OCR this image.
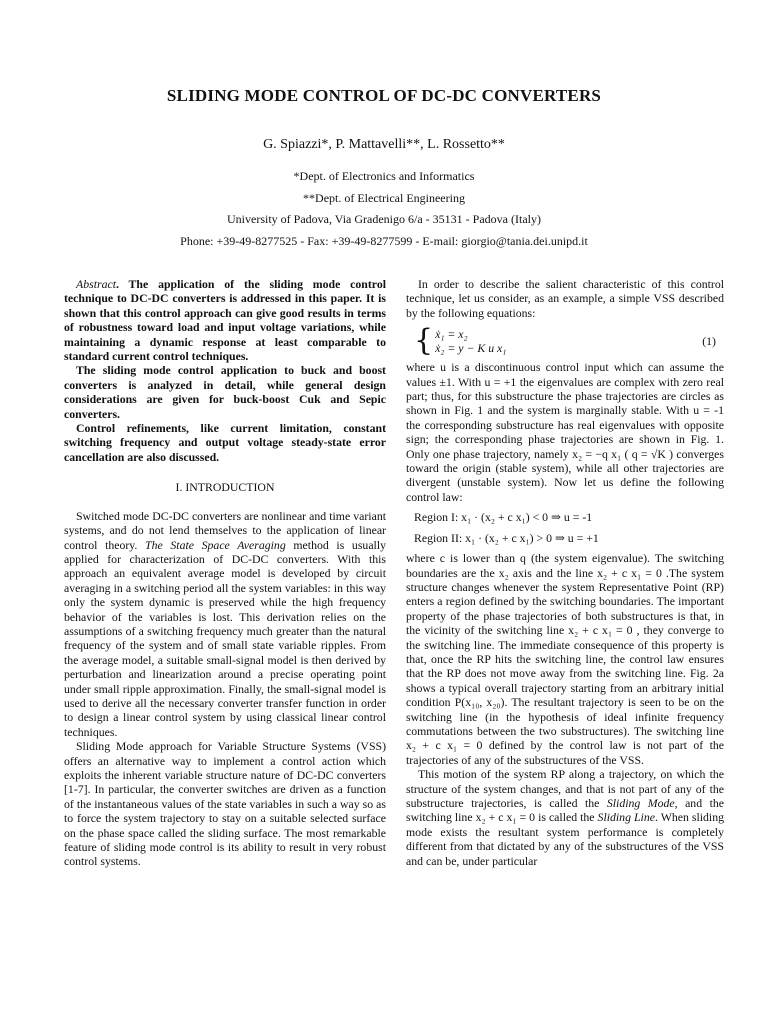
SLIDING MODE CONTROL OF DC-DC CONVERTERS
G. Spiazzi*, P. Mattavelli**, L. Rossetto**
*Dept. of Electronics and Informatics
**Dept. of Electrical Engineering
University of Padova, Via Gradenigo 6/a - 35131 - Padova (Italy)
Phone: +39-49-8277525 - Fax: +39-49-8277599 - E-mail: giorgio@tania.dei.unipd.it

Abstract. The application of the sliding mode control technique to DC-DC converters is addressed in this paper. It is shown that this control approach can give good results in terms of robustness toward load and input voltage variations, while maintaining a dynamic response at least comparable to standard current control techniques.

The sliding mode control application to buck and boost converters is analyzed in detail, while general design considerations are given for buck-boost Cuk and Sepic converters.

Control refinements, like current limitation, constant switching frequency and output voltage steady-state error cancellation are also discussed.

I. INTRODUCTION

Switched mode DC-DC converters are nonlinear and time variant systems, and do not lend themselves to the application of linear control theory. The State Space Averaging method is usually applied for characterization of DC-DC converters. With this approach an equivalent average model is developed by circuit averaging in a switching period all the system variables: in this way only the system dynamic is preserved while the high frequency behavior of the variables is lost. This derivation relies on the assumptions of a switching frequency much greater than the natural frequency of the system and of small state variable ripples. From the average model, a suitable small-signal model is then derived by perturbation and linearization around a precise operating point under small ripple approximation. Finally, the small-signal model is used to derive all the necessary converter transfer function in order to design a linear control system by using classical linear control techniques.

Sliding Mode approach for Variable Structure Systems (VSS) offers an alternative way to implement a control action which exploits the inherent variable structure nature of DC-DC converters [1-7]. In particular, the converter switches are driven as a function of the instantaneous values of the state variables in such a way so as to force the system trajectory to stay on a suitable selected surface on the phase space called the sliding surface. The most remarkable feature of sliding mode control is its ability to result in very robust control systems.

In order to describe the salient characteristic of this control technique, let us consider, as an example, a simple VSS described by the following equations:

{ ẋ₁ = x₂
ẋ₂ = y − K u x₁
(1)

where u is a discontinuous control input which can assume the values ±1. With u = +1 the eigenvalues are complex with zero real part; thus, for this substructure the phase trajectories are circles as shown in Fig. 1 and the system is marginally stable. With u = -1 the corresponding substructure has real eigenvalues with opposite sign; the corresponding phase trajectories are shown in Fig. 1. Only one phase trajectory, namely x₂ = −q x₁ ( q = √K ) converges toward the origin (stable system), while all other trajectories are divergent (unstable system). Now let us define the following control law:

Region I: x₁ · (x₂ + c x₁) < 0 ⇒ u = -1
Region II: x₁ · (x₂ + c x₁) > 0 ⇒ u = +1

where c is lower than q (the system eigenvalue). The switching boundaries are the x₂ axis and the line x₂ + c x₁ = 0 .The system structure changes whenever the system Representative Point (RP) enters a region defined by the switching boundaries. The important property of the phase trajectories of both substructures is that, in the vicinity of the switching line x₂ + c x₁ = 0 , they converge to the switching line. The immediate consequence of this property is that, once the RP hits the switching line, the control law ensures that the RP does not move away from the switching line. Fig. 2a shows a typical overall trajectory starting from an arbitrary initial condition P(x₁₀, x₂₀). The resultant trajectory is seen to be on the switching line (in the hypothesis of ideal infinite frequency commutations between the two substructures). The switching line x₂ + c x₁ = 0 defined by the control law is not part of the trajectories of any of the substructures of the VSS.

This motion of the system RP along a trajectory, on which the structure of the system changes, and that is not part of any of the substructure trajectories, is called the Sliding Mode, and the switching line x₂ + c x₁ = 0 is called the Sliding Line. When sliding mode exists the resultant system performance is completely different from that dictated by any of the substructures of the VSS and can be, under particular
